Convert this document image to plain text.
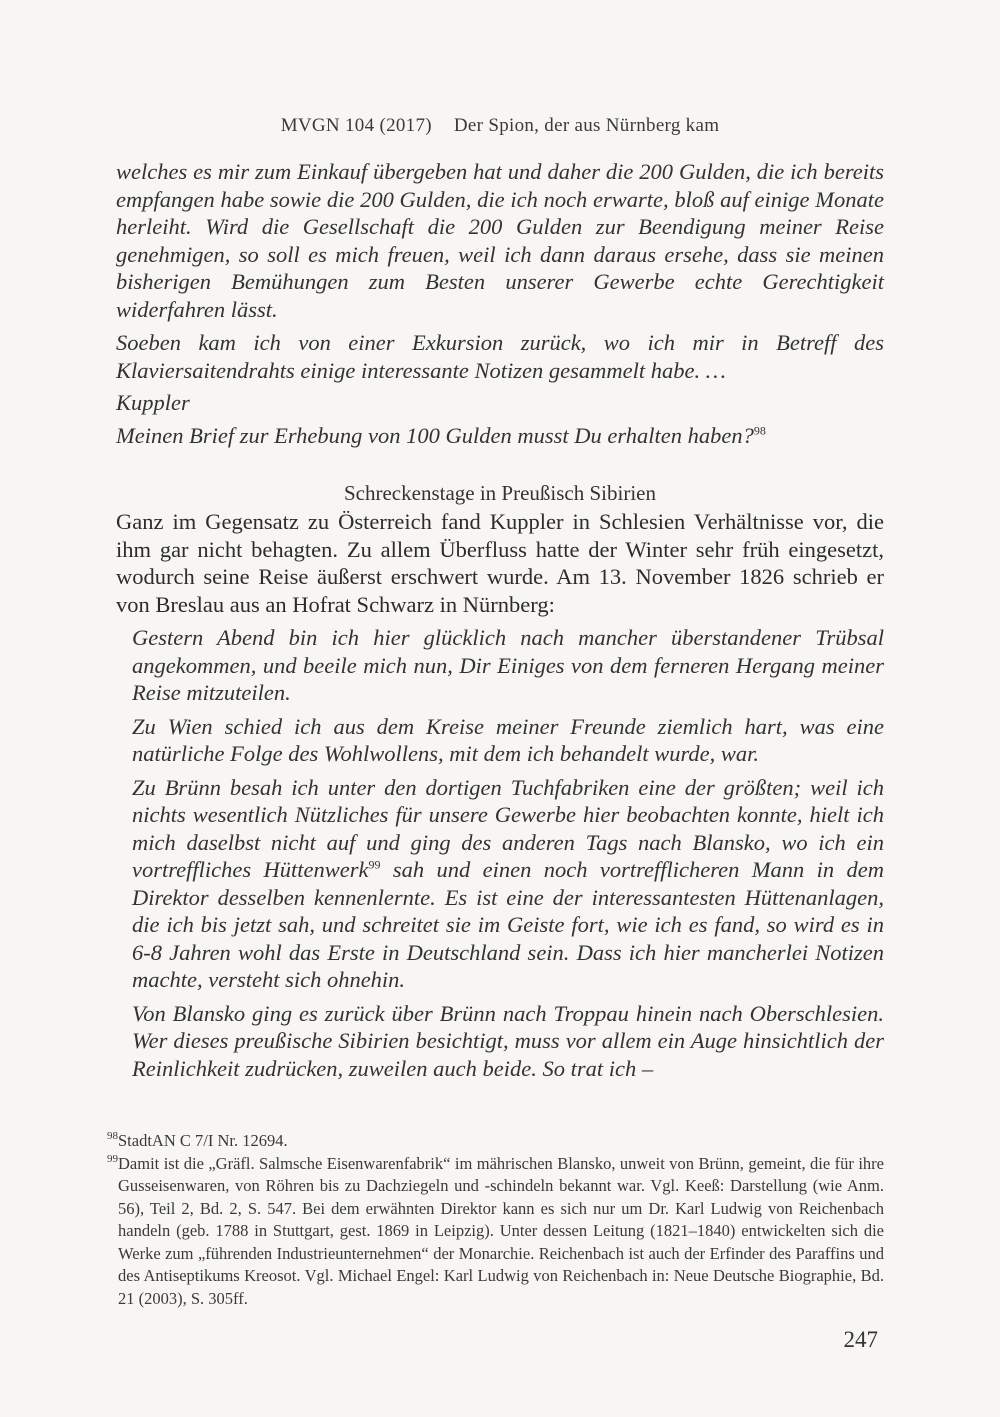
MVGN 104 (2017) Der Spion, der aus Nürnberg kam

welches es mir zum Einkauf übergeben hat und daher die 200 Gulden, die ich bereits empfangen habe sowie die 200 Gulden, die ich noch erwarte, bloß auf einige Monate herleiht. Wird die Gesellschaft die 200 Gulden zur Beendigung meiner Reise genehmigen, so soll es mich freuen, weil ich dann daraus ersehe, dass sie meinen bisherigen Bemühungen zum Besten unserer Gewerbe echte Gerechtigkeit widerfahren lässt.

Soeben kam ich von einer Exkursion zurück, wo ich mir in Betreff des Klaviersaitendrahts einige interessante Notizen gesammelt habe. …

Kuppler

Meinen Brief zur Erhebung von 100 Gulden musst Du erhalten haben?$^{98}$

Schreckenstage in Preußisch Sibirien

Ganz im Gegensatz zu Österreich fand Kuppler in Schlesien Verhältnisse vor, die ihm gar nicht behagten. Zu allem Überfluss hatte der Winter sehr früh eingesetzt, wodurch seine Reise äußerst erschwert wurde. Am 13. November 1826 schrieb er von Breslau aus an Hofrat Schwarz in Nürnberg:

Gestern Abend bin ich hier glücklich nach mancher überstandener Trübsal angekommen, und beeile mich nun, Dir Einiges von dem ferneren Hergang meiner Reise mitzuteilen.

Zu Wien schied ich aus dem Kreise meiner Freunde ziemlich hart, was eine natürliche Folge des Wohlwollens, mit dem ich behandelt wurde, war.

Zu Brünn besah ich unter den dortigen Tuchfabriken eine der größten; weil ich nichts wesentlich Nützliches für unsere Gewerbe hier beobachten konnte, hielt ich mich daselbst nicht auf und ging des anderen Tags nach Blansko, wo ich ein vortreffliches Hüttenwerk$^{99}$ sah und einen noch vortrefflicheren Mann in dem Direktor desselben kennenlernte. Es ist eine der interessantesten Hüttenanlagen, die ich bis jetzt sah, und schreitet sie im Geiste fort, wie ich es fand, so wird es in 6-8 Jahren wohl das Erste in Deutschland sein. Dass ich hier mancherlei Notizen machte, versteht sich ohnehin.

Von Blansko ging es zurück über Brünn nach Troppau hinein nach Oberschlesien. Wer dieses preußische Sibirien besichtigt, muss vor allem ein Auge hinsichtlich der Reinlichkeit zudrücken, zuweilen auch beide. So trat ich –

98 StadtAN C 7/I Nr. 12694.
99 Damit ist die „Gräfl. Salmsche Eisenwarenfabrik“ im mährischen Blansko, unweit von Brünn, gemeint, die für ihre Gusseisenwaren, von Röhren bis zu Dachziegeln und -schindeln bekannt war. Vgl. Keeß: Darstellung (wie Anm. 56), Teil 2, Bd. 2, S. 547. Bei dem erwähnten Direktor kann es sich nur um Dr. Karl Ludwig von Reichenbach handeln (geb. 1788 in Stuttgart, gest. 1869 in Leipzig). Unter dessen Leitung (1821–1840) entwickelten sich die Werke zum „führenden Industrieunternehmen“ der Monarchie. Reichenbach ist auch der Erfinder des Paraffins und des Antiseptikums Kreosot. Vgl. Michael Engel: Karl Ludwig von Reichenbach in: Neue Deutsche Biographie, Bd. 21 (2003), S. 305ff.
247
